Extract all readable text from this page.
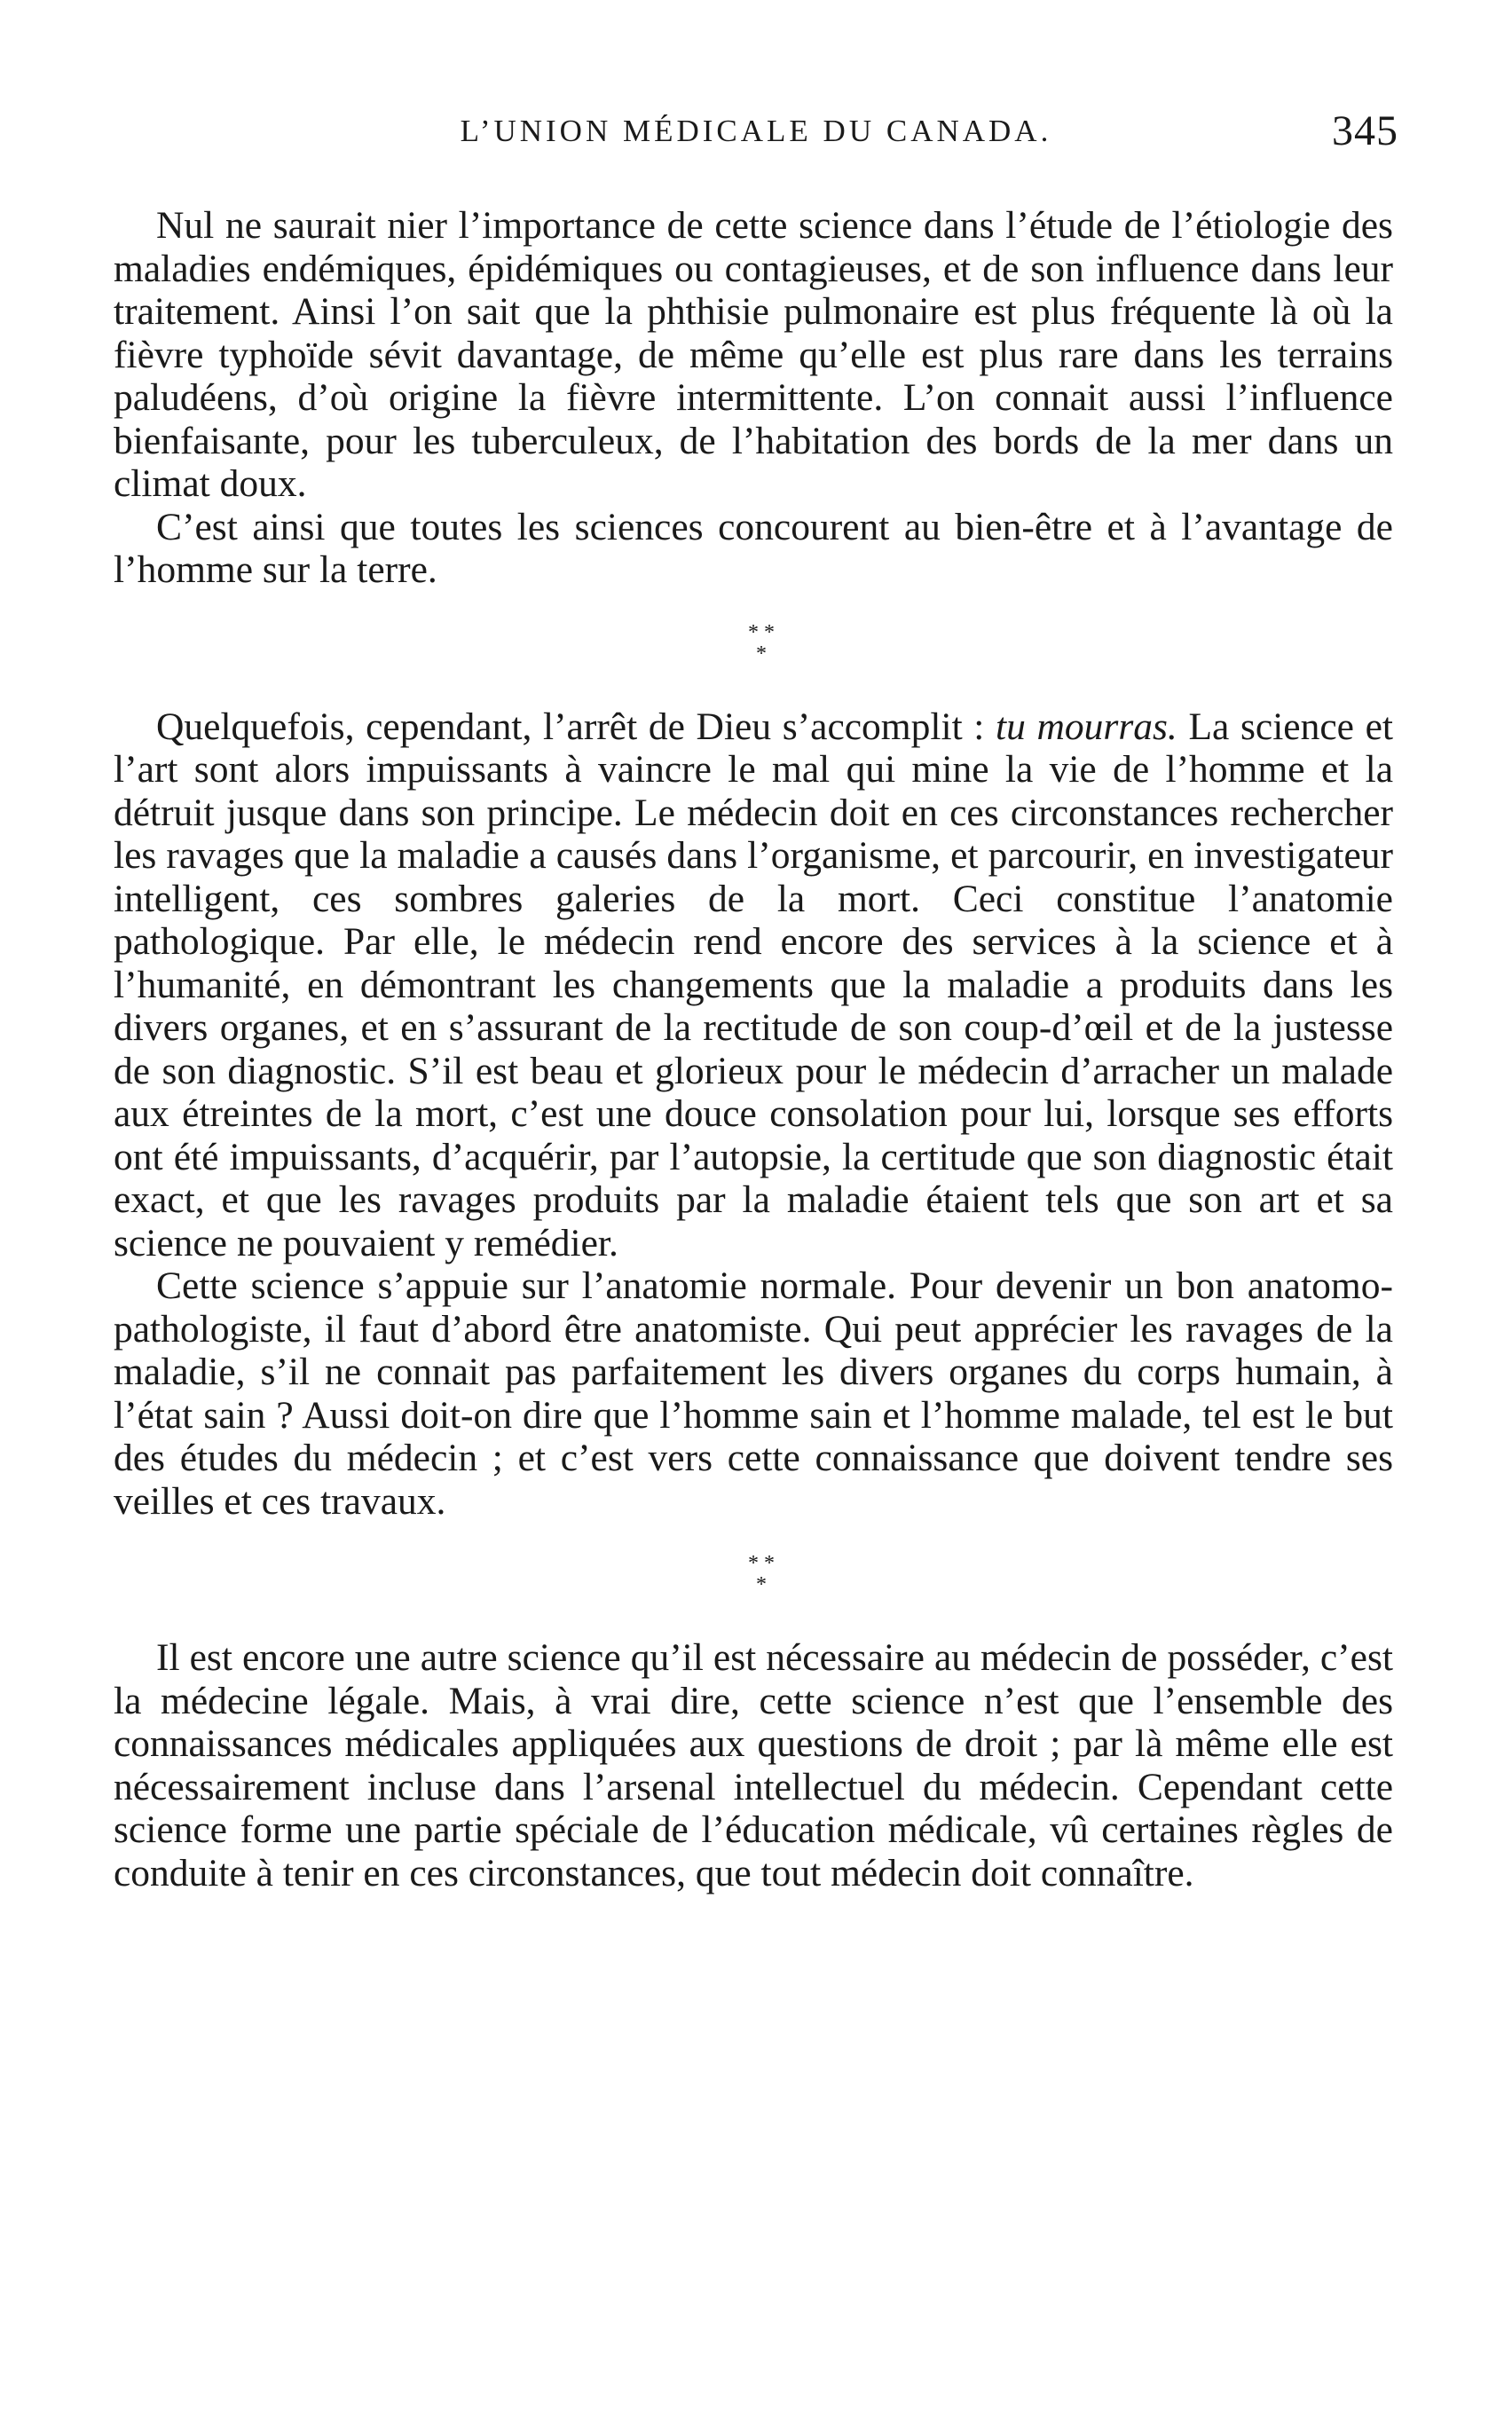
L’UNION MÉDICALE DU CANADA.	345

Nul ne saurait nier l’importance de cette science dans l’étude de l’étiologie des maladies endémiques, épidémiques ou contagieuses, et de son influence dans leur traitement. Ainsi l’on sait que la phthisie pulmonaire est plus fréquente là où la fièvre typhoïde sévit davantage, de même qu’elle est plus rare dans les terrains paludéens, d’où origine la fièvre intermittente. L’on connait aussi l’influence bienfaisante, pour les tuberculeux, de l’habitation des bords de la mer dans un climat doux.

C’est ainsi que toutes les sciences concourent au bien-être et à l’avantage de l’homme sur la terre.

* *
*

Quelquefois, cependant, l’arrêt de Dieu s’accomplit : tu mourras. La science et l’art sont alors impuissants à vaincre le mal qui mine la vie de l’homme et la détruit jusque dans son principe. Le médecin doit en ces circonstances rechercher les ravages que la maladie a causés dans l’organisme, et parcourir, en investigateur intelligent, ces sombres galeries de la mort. Ceci constitue l’anatomie pathologique. Par elle, le médecin rend encore des services à la science et à l’humanité, en démontrant les changements que la maladie a produits dans les divers organes, et en s’assurant de la rectitude de son coup-d’œil et de la justesse de son diagnostic. S’il est beau et glorieux pour le médecin d’arracher un malade aux étreintes de la mort, c’est une douce consolation pour lui, lorsque ses efforts ont été impuissants, d’acquérir, par l’autopsie, la certitude que son diagnostic était exact, et que les ravages produits par la maladie étaient tels que son art et sa science ne pouvaient y remédier.

Cette science s’appuie sur l’anatomie normale. Pour devenir un bon anatomo-pathologiste, il faut d’abord être anatomiste. Qui peut apprécier les ravages de la maladie, s’il ne connait pas parfaitement les divers organes du corps humain, à l’état sain ? Aussi doit-on dire que l’homme sain et l’homme malade, tel est le but des études du médecin ; et c’est vers cette connaissance que doivent tendre ses veilles et ces travaux.

* *
*

Il est encore une autre science qu’il est nécessaire au médecin de posséder, c’est la médecine légale. Mais, à vrai dire, cette science n’est que l’ensemble des connaissances médicales appliquées aux questions de droit ; par là même elle est nécessairement incluse dans l’arsenal intellectuel du médecin. Cependant cette science forme une partie spéciale de l’éducation médicale, vû certaines règles de conduite à tenir en ces circonstances, que tout médecin doit connaître.
